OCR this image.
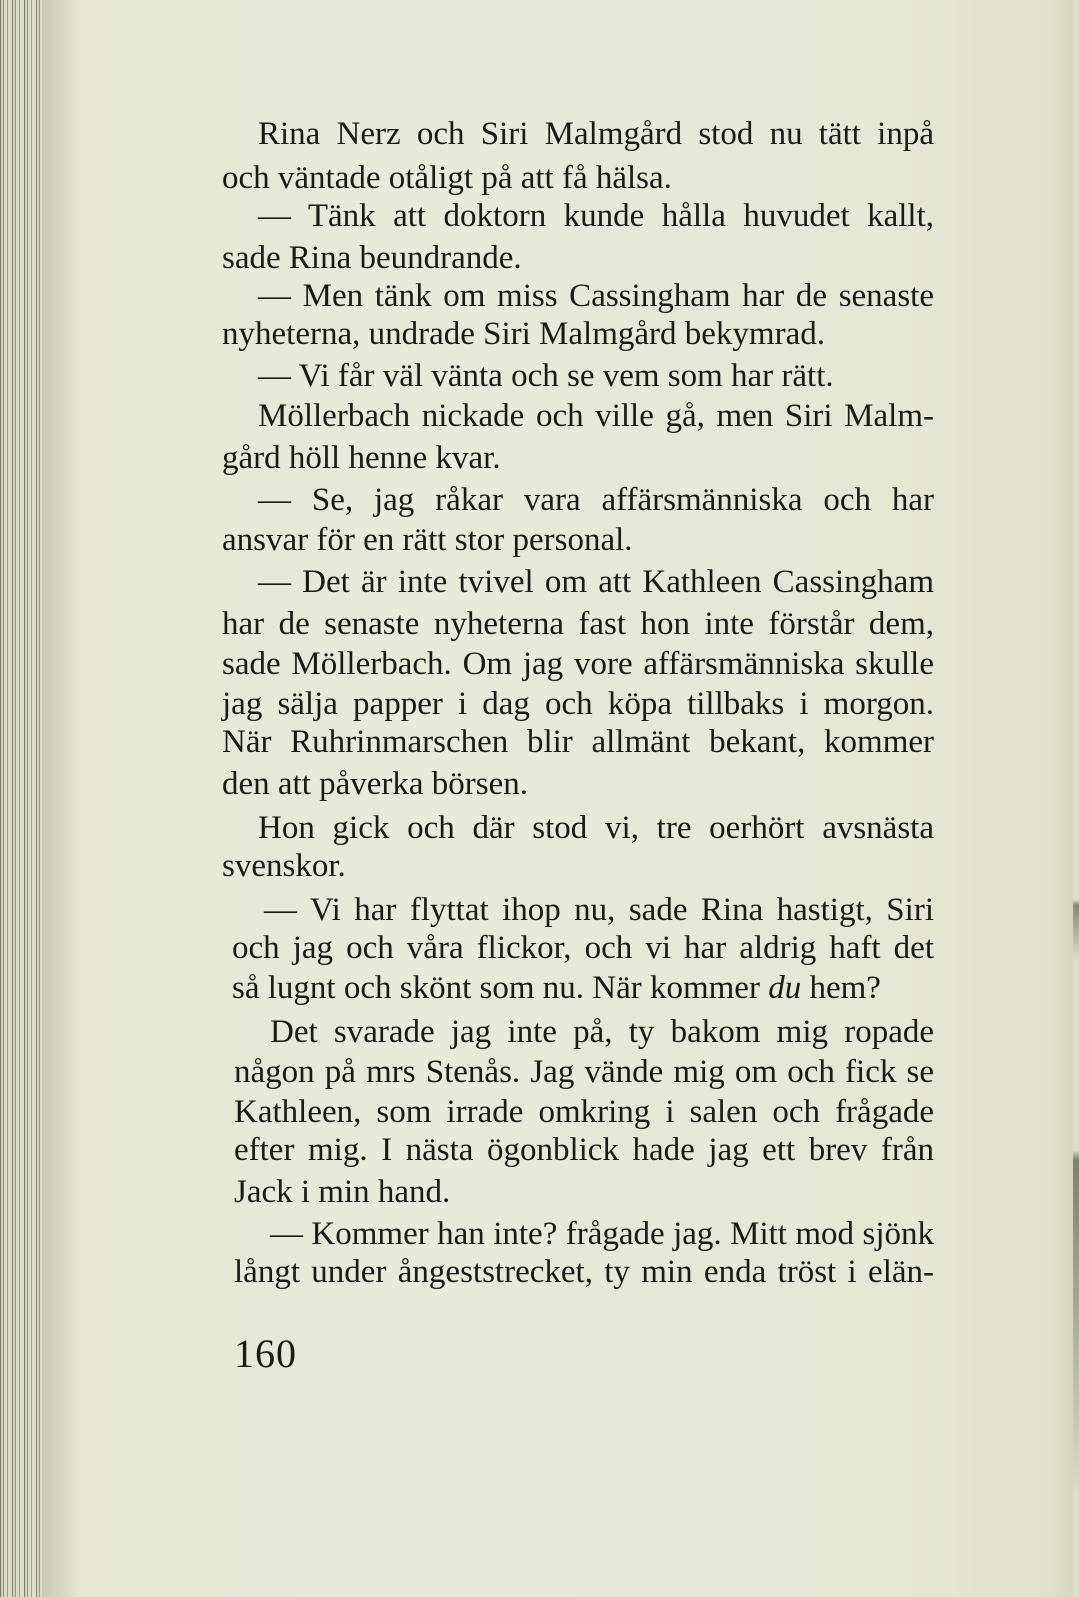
Rina Nerz och Siri Malmgård stod nu tätt inpå
och väntade otåligt på att få hälsa.
— Tänk att doktorn kunde hålla huvudet kallt,
sade Rina beundrande.
— Men tänk om miss Cassingham har de senaste
nyheterna, undrade Siri Malmgård bekymrad.
— Vi får väl vänta och se vem som har rätt.
Möllerbach nickade och ville gå, men Siri Malm-
gård höll henne kvar.
— Se, jag råkar vara affärsmänniska och har
ansvar för en rätt stor personal.
— Det är inte tvivel om att Kathleen Cassingham
har de senaste nyheterna fast hon inte förstår dem,
sade Möllerbach. Om jag vore affärsmänniska skulle
jag sälja papper i dag och köpa tillbaks i morgon.
När Ruhrinmarschen blir allmänt bekant, kommer
den att påverka börsen.
Hon gick och där stod vi, tre oerhört avsnästa
svenskor.
— Vi har flyttat ihop nu, sade Rina hastigt, Siri
och jag och våra flickor, och vi har aldrig haft det
så lugnt och skönt som nu. När kommer du hem?
Det svarade jag inte på, ty bakom mig ropade
någon på mrs Stenås. Jag vände mig om och fick se
Kathleen, som irrade omkring i salen och frågade
efter mig. I nästa ögonblick hade jag ett brev från
Jack i min hand.
— Kommer han inte? frågade jag. Mitt mod sjönk
långt under ångeststrecket, ty min enda tröst i elän-
160
